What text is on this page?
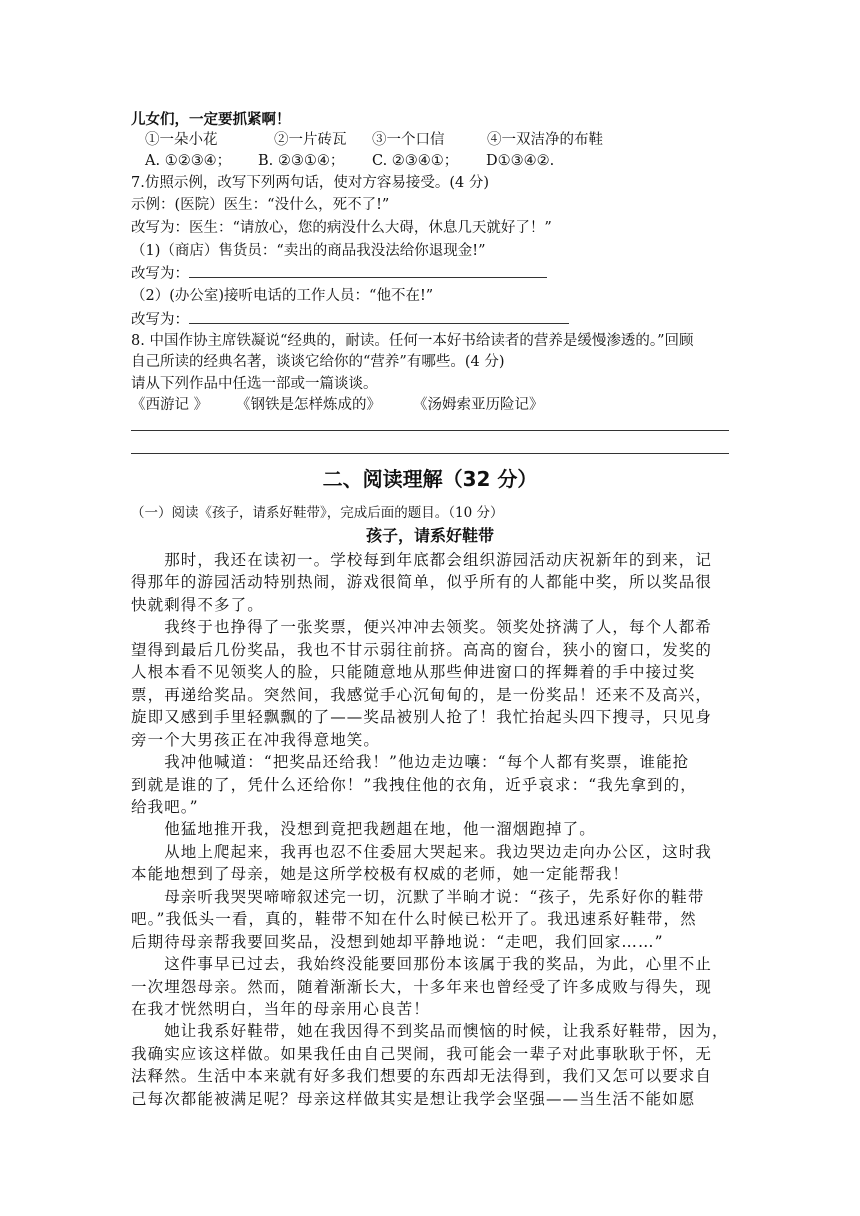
儿女们，一定要抓紧啊！
①一朵小花	②一片砖瓦 ③一个口信	④一双洁净的布鞋
A. ①②③④； B. ②③①④； C. ②③④①； D①③④②.
7.仿照示例，改写下列两句话，使对方容易接受。(4 分)
示例：(医院）医生：“没什么，死不了!”
改写为：医生：“请放心，您的病没什么大碍，休息几天就好了！”
（1)（商店）售货员：“卖出的商品我没法给你退现金!”
改写为：
（2）(办公室)接听电话的工作人员：“他不在!”
改写为：
8. 中国作协主席铁凝说“经典的，耐读。任何一本好书给读者的营养是缓慢渗透的。”回顾
自己所读的经典名著，谈谈它给你的“营养”有哪些。(4 分)
请从下列作品中任选一部或一篇谈谈。
《西游记 》 《钢铁是怎样炼成的》 《汤姆索亚历险记》
二、阅读理解（32 分）
（一）阅读《孩子，请系好鞋带》，完成后面的题目。（10 分）
孩子，请系好鞋带
　　那时，我还在读初一。学校每到年底都会组织游园活动庆祝新年的到来，记
得那年的游园活动特别热闹，游戏很简单，似乎所有的人都能中奖，所以奖品很
快就剩得不多了。
　　我终于也挣得了一张奖票，便兴冲冲去领奖。领奖处挤满了人，每个人都希
望得到最后几份奖品，我也不甘示弱往前挤。高高的窗台，狭小的窗口，发奖的
人根本看不见领奖人的脸，只能随意地从那些伸进窗口的挥舞着的手中接过奖
票，再递给奖品。突然间，我感觉手心沉甸甸的，是一份奖品！还来不及高兴，
旋即又感到手里轻飘飘的了——奖品被别人抢了！我忙抬起头四下搜寻，只见身
旁一个大男孩正在冲我得意地笑。
　　我冲他喊道：“把奖品还给我！”他边走边嚷：“每个人都有奖票，谁能抢
到就是谁的了，凭什么还给你！”我拽住他的衣角，近乎哀求：“我先拿到的，
给我吧。”
　　他猛地推开我，没想到竟把我趔趄在地，他一溜烟跑掉了。
　　从地上爬起来，我再也忍不住委屈大哭起来。我边哭边走向办公区，这时我
本能地想到了母亲，她是这所学校极有权威的老师，她一定能帮我！
　　母亲听我哭哭啼啼叙述完一切，沉默了半晌才说：“孩子，先系好你的鞋带
吧。”我低头一看，真的，鞋带不知在什么时候已松开了。我迅速系好鞋带，然
后期待母亲帮我要回奖品，没想到她却平静地说：“走吧，我们回家……”
　　这件事早已过去，我始终没能要回那份本该属于我的奖品，为此，心里不止
一次埋怨母亲。然而，随着渐渐长大，十多年来也曾经受了许多成败与得失，现
在我才恍然明白，当年的母亲用心良苦！
　　她让我系好鞋带，她在我因得不到奖品而懊恼的时候，让我系好鞋带，因为，
我确实应该这样做。如果我任由自己哭闹，我可能会一辈子对此事耿耿于怀，无
法释然。生活中本来就有好多我们想要的东西却无法得到，我们又怎可以要求自
己每次都能被满足呢？母亲这样做其实是想让我学会坚强——当生活不能如愿
